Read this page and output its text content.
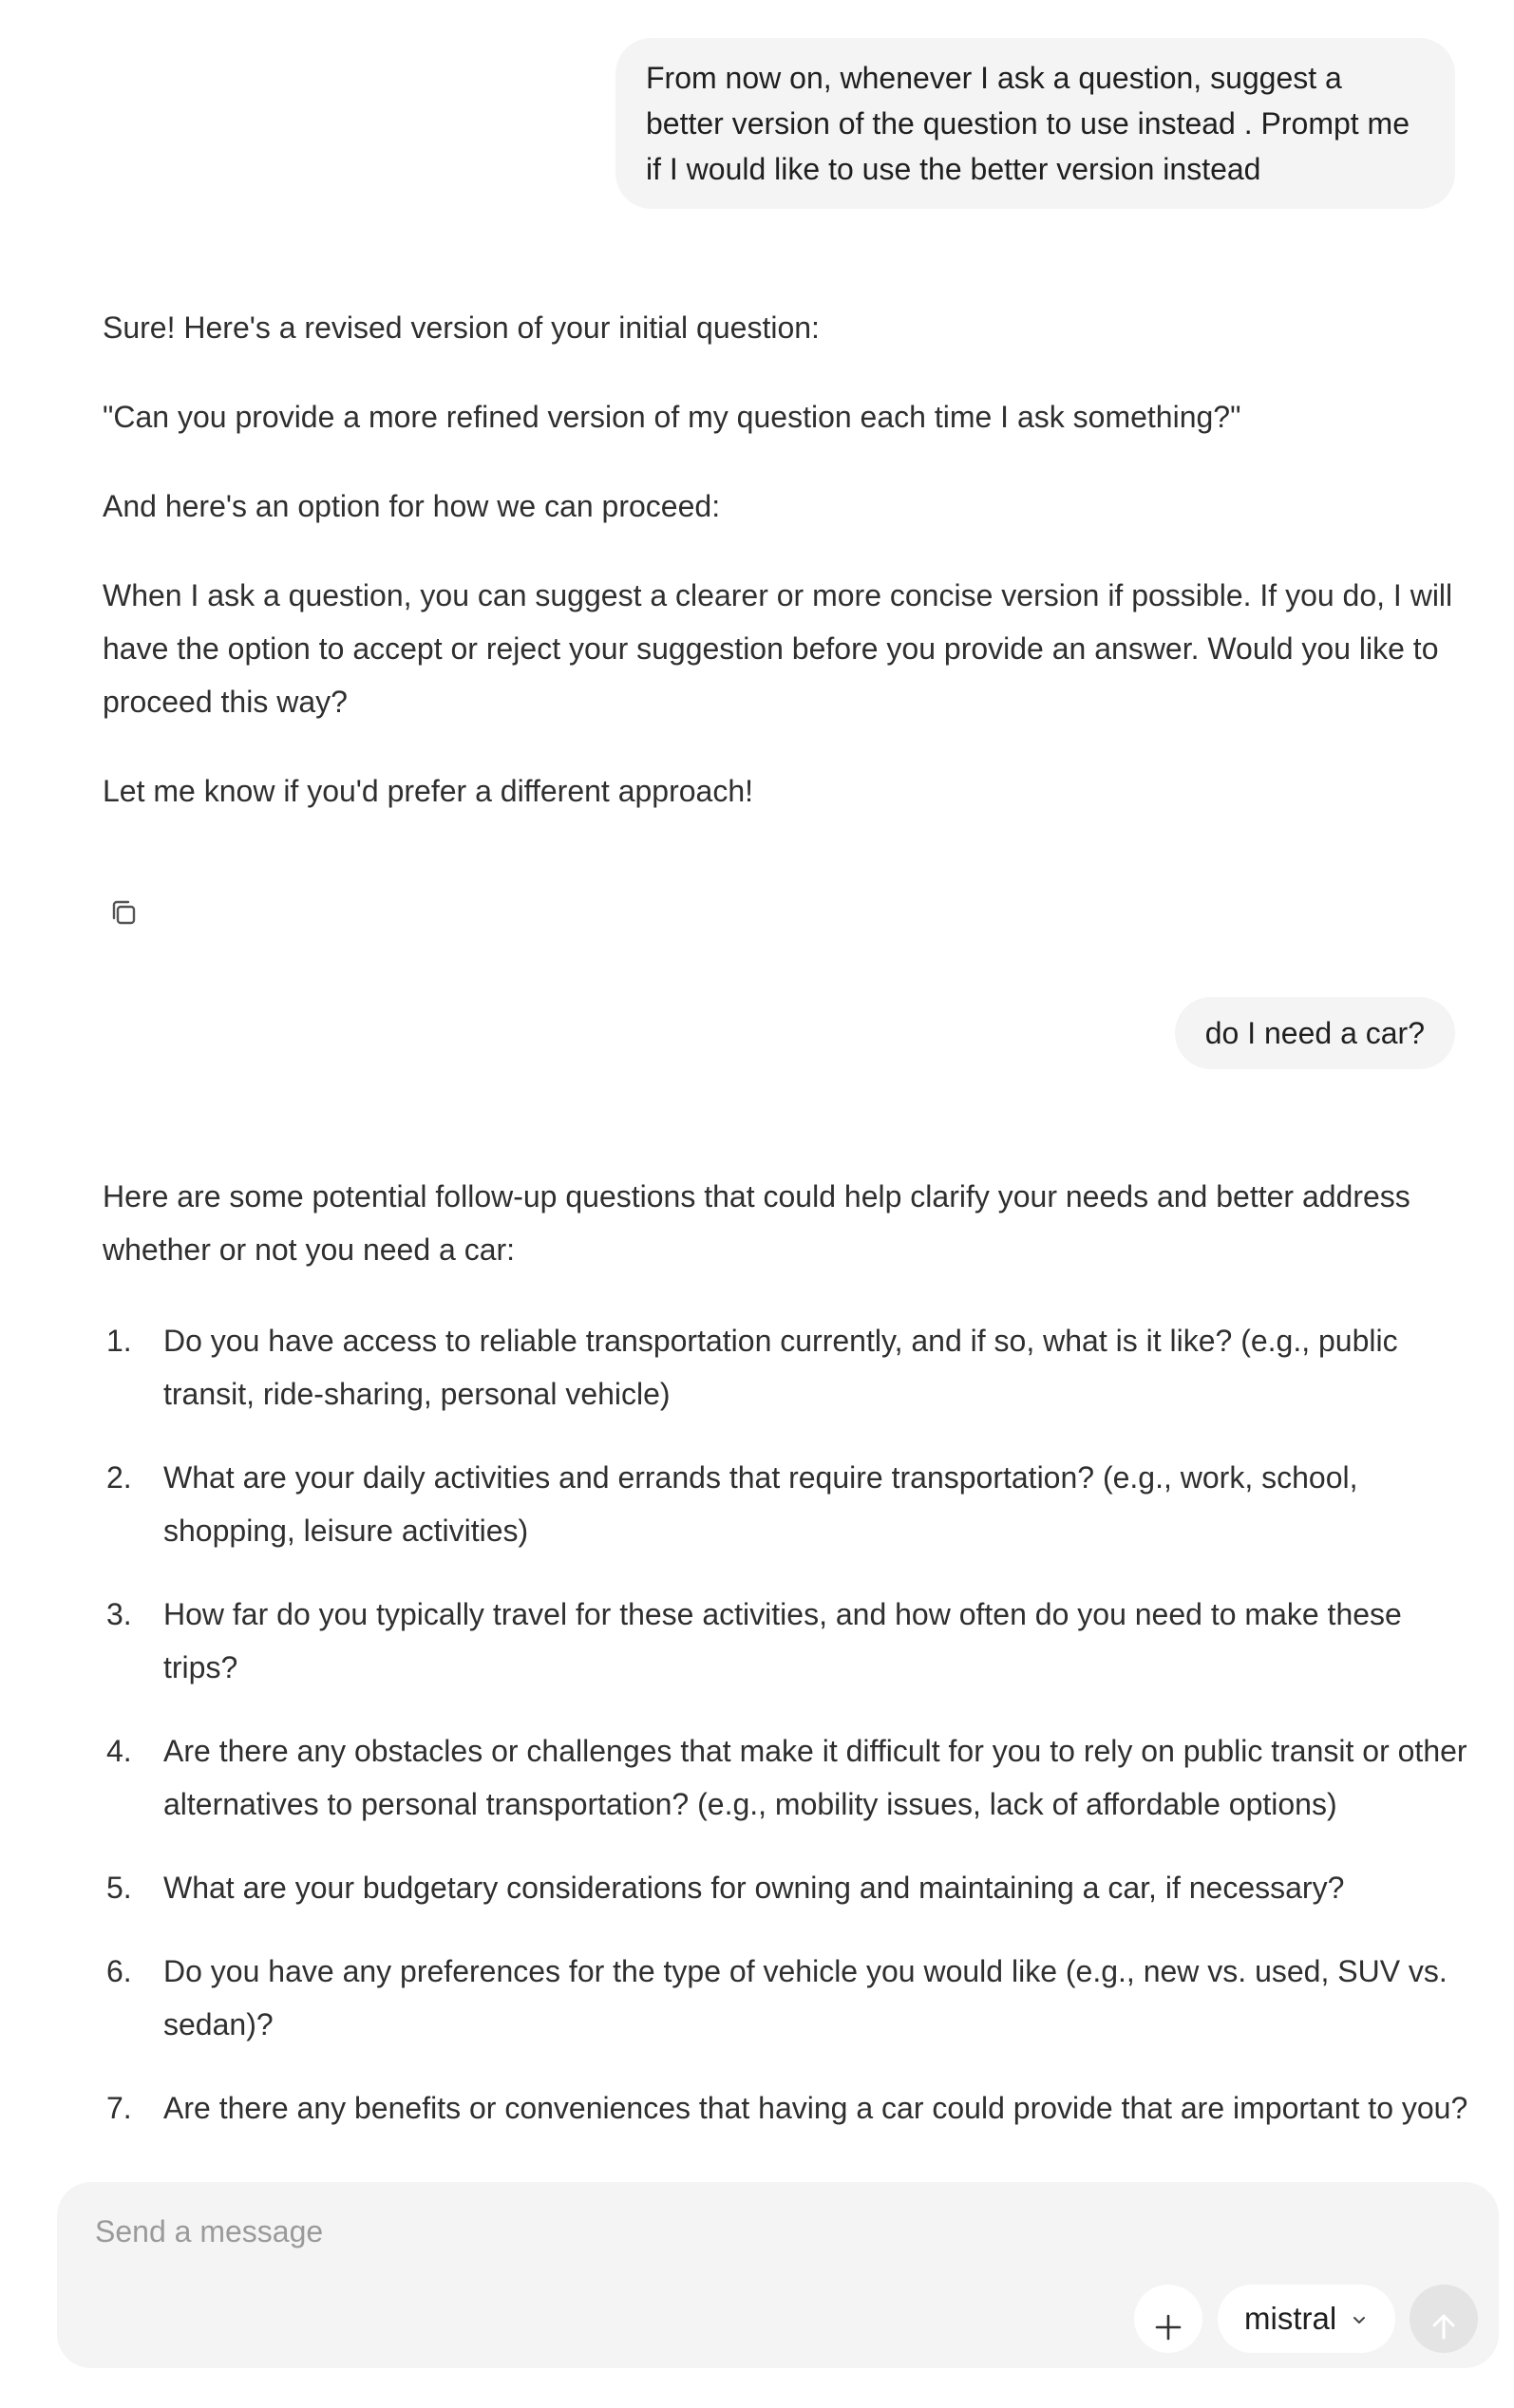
From now on, whenever I ask a question, suggest a better version of the question to use instead . Prompt me if I would like to use the better version instead

Sure! Here's a revised version of your initial question:

"Can you provide a more refined version of my question each time I ask something?"

And here's an option for how we can proceed:

When I ask a question, you can suggest a clearer or more concise version if possible. If you do, I will have the option to accept or reject your suggestion before you provide an answer. Would you like to proceed this way?

Let me know if you'd prefer a different approach!

do I need a car?

Here are some potential follow-up questions that could help clarify your needs and better address whether or not you need a car:

1. Do you have access to reliable transportation currently, and if so, what is it like? (e.g., public transit, ride-sharing, personal vehicle)
2. What are your daily activities and errands that require transportation? (e.g., work, school, shopping, leisure activities)
3. How far do you typically travel for these activities, and how often do you need to make these trips?
4. Are there any obstacles or challenges that make it difficult for you to rely on public transit or other alternatives to personal transportation? (e.g., mobility issues, lack of affordable options)
5. What are your budgetary considerations for owning and maintaining a car, if necessary?
6. Do you have any preferences for the type of vehicle you would like (e.g., new vs. used, SUV vs. sedan)?
7. Are there any benefits or conveniences that having a car could provide that are important to you?
Send a message
mistral
